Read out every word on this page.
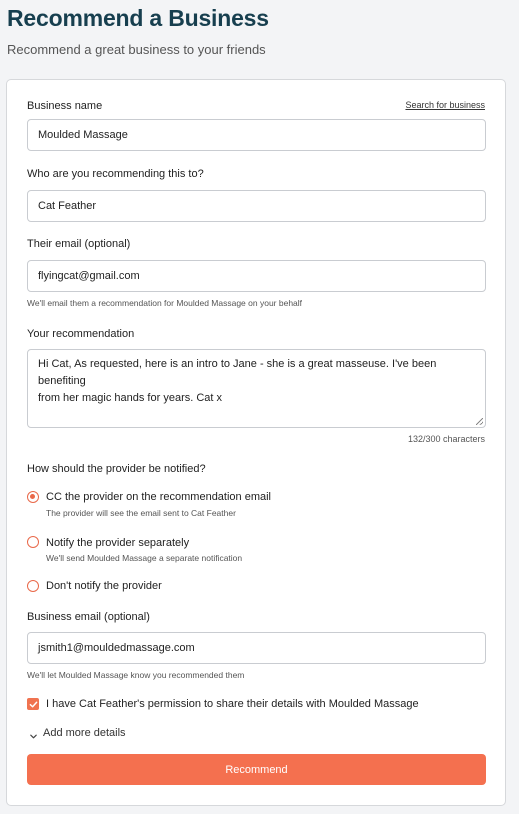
Recommend a Business
Recommend a great business to your friends
Business name	Search for business
Moulded Massage
Who are you recommending this to?
Cat Feather
Their email (optional)
flyingcat@gmail.com
We'll email them a recommendation for Moulded Massage on your behalf
Your recommendation
Hi Cat, As requested, here is an intro to Jane - she is a great masseuse. I've been benefiting
from her magic hands for years. Cat x
132/300 characters
How should the provider be notified?
CC the provider on the recommendation email
The provider will see the email sent to Cat Feather
Notify the provider separately
We'll send Moulded Massage a separate notification
Don't notify the provider
Business email (optional)
jsmith1@mouldedmassage.com
We'll let Moulded Massage know you recommended them
I have Cat Feather's permission to share their details with Moulded Massage
Add more details
Recommend
